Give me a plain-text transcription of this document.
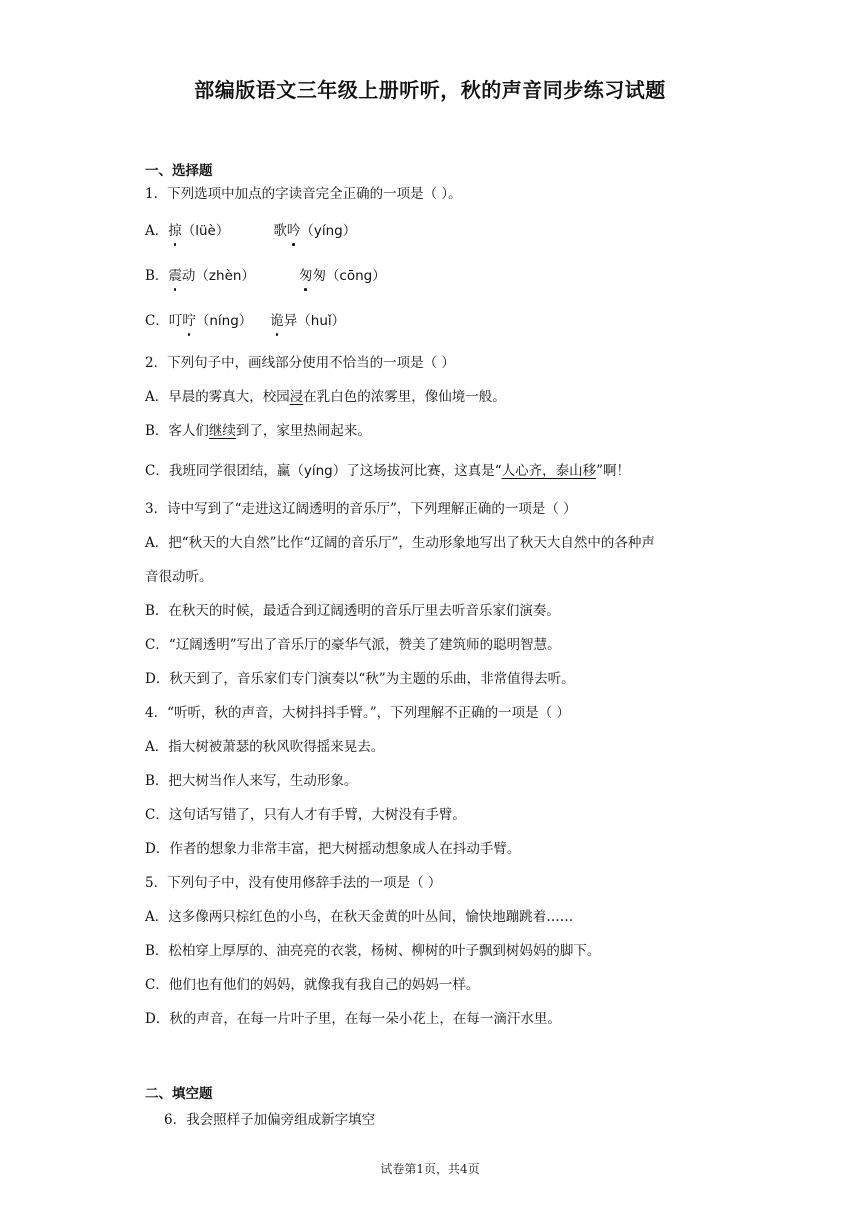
部编版语文三年级上册听听，秋的声音同步练习试题
一、选择题
1．下列选项中加点的字读音完全正确的一项是（ ）。
A．掠（lüè）	歌吟（yíng）
B．震动（zhèn）	匆匆（cōng）
C．叮咛（níng） 诡异（huǐ）
2．下列句子中，画线部分使用不恰当的一项是（ ）
A．早晨的雾真大，校园浸在乳白色的浓雾里，像仙境一般。
B．客人们继续到了，家里热闹起来。
C．我班同学很团结，赢（yíng）了这场拔河比赛，这真是“人心齐，泰山移”啊！
3．诗中写到了“走进这辽阔透明的音乐厅”，下列理解正确的一项是（ ）
A．把“秋天的大自然”比作“辽阔的音乐厅”，生动形象地写出了秋天大自然中的各种声
音很动听。
B．在秋天的时候，最适合到辽阔透明的音乐厅里去听音乐家们演奏。
C．“辽阔透明”写出了音乐厅的豪华气派，赞美了建筑师的聪明智慧。
D．秋天到了，音乐家们专门演奏以“秋”为主题的乐曲，非常值得去听。
4．“听听，秋的声音，大树抖抖手臂。”，下列理解不正确的一项是（ ）
A．指大树被萧瑟的秋风吹得摇来晃去。
B．把大树当作人来写，生动形象。
C．这句话写错了，只有人才有手臂，大树没有手臂。
D．作者的想象力非常丰富，把大树摇动想象成人在抖动手臂。
5．下列句子中，没有使用修辞手法的一项是（ ）
A．这多像两只棕红色的小鸟，在秋天金黄的叶丛间，愉快地蹦跳着……
B．松柏穿上厚厚的、油亮亮的衣裳，杨树、柳树的叶子飘到树妈妈的脚下。
C．他们也有他们的妈妈，就像我有我自己的妈妈一样。
D．秋的声音，在每一片叶子里，在每一朵小花上，在每一滴汗水里。
二、填空题
6．我会照样子加偏旁组成新字填空
试卷第1页，共4页
